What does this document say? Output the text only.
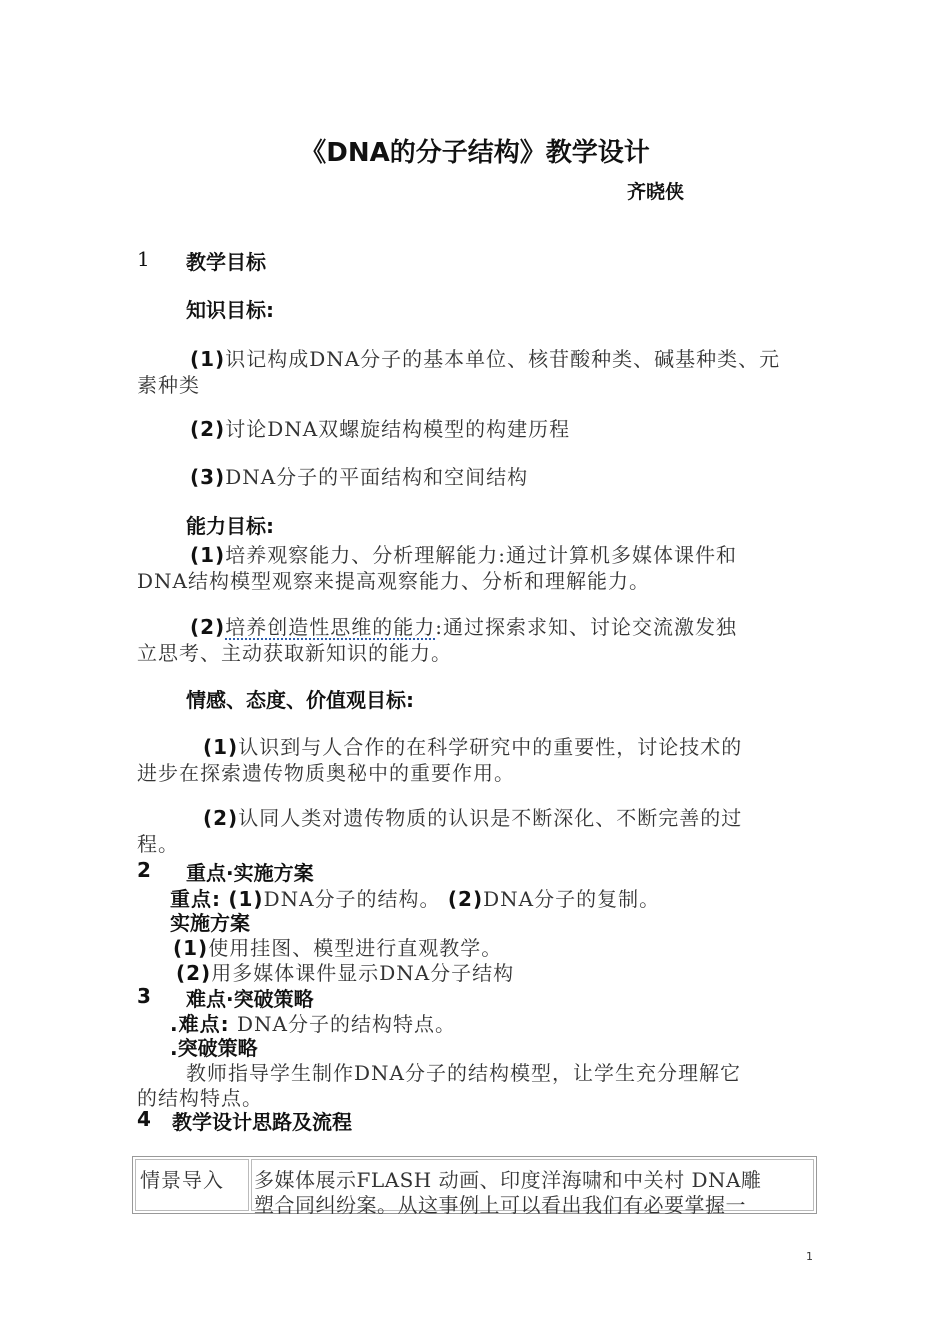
《DNA的分子结构》教学设计
齐晓侠
1 教学目标
知识目标:
(1)识记构成DNA分子的基本单位、核苷酸种类、碱基种类、元
素种类
(2)讨论DNA双螺旋结构模型的构建历程
(3)DNA分子的平面结构和空间结构
能力目标:
(1)培养观察能力、分析理解能力:通过计算机多媒体课件和
DNA结构模型观察来提高观察能力、分析和理解能力。
(2)培养创造性思维的能力:通过探索求知、讨论交流激发独
立思考、主动获取新知识的能力。
情感、态度、价值观目标:
(1)认识到与人合作的在科学研究中的重要性，讨论技术的
进步在探索遗传物质奥秘中的重要作用。
(2)认同人类对遗传物质的认识是不断深化、不断完善的过
程。
2 重点·实施方案
重点: (1)DNA分子的结构。 (2)DNA分子的复制。
实施方案
(1)使用挂图、模型进行直观教学。
(2)用多媒体课件显示DNA分子结构
3 难点·突破策略
.难点: DNA分子的结构特点。
.突破策略
教师指导学生制作DNA分子的结构模型，让学生充分理解它
的结构特点。
4 教学设计思路及流程
情景导入 多媒体展示FLASH 动画、印度洋海啸和中关村 DNA雕
塑合同纠纷案。从这事例上可以看出我们有必要掌握一
1
